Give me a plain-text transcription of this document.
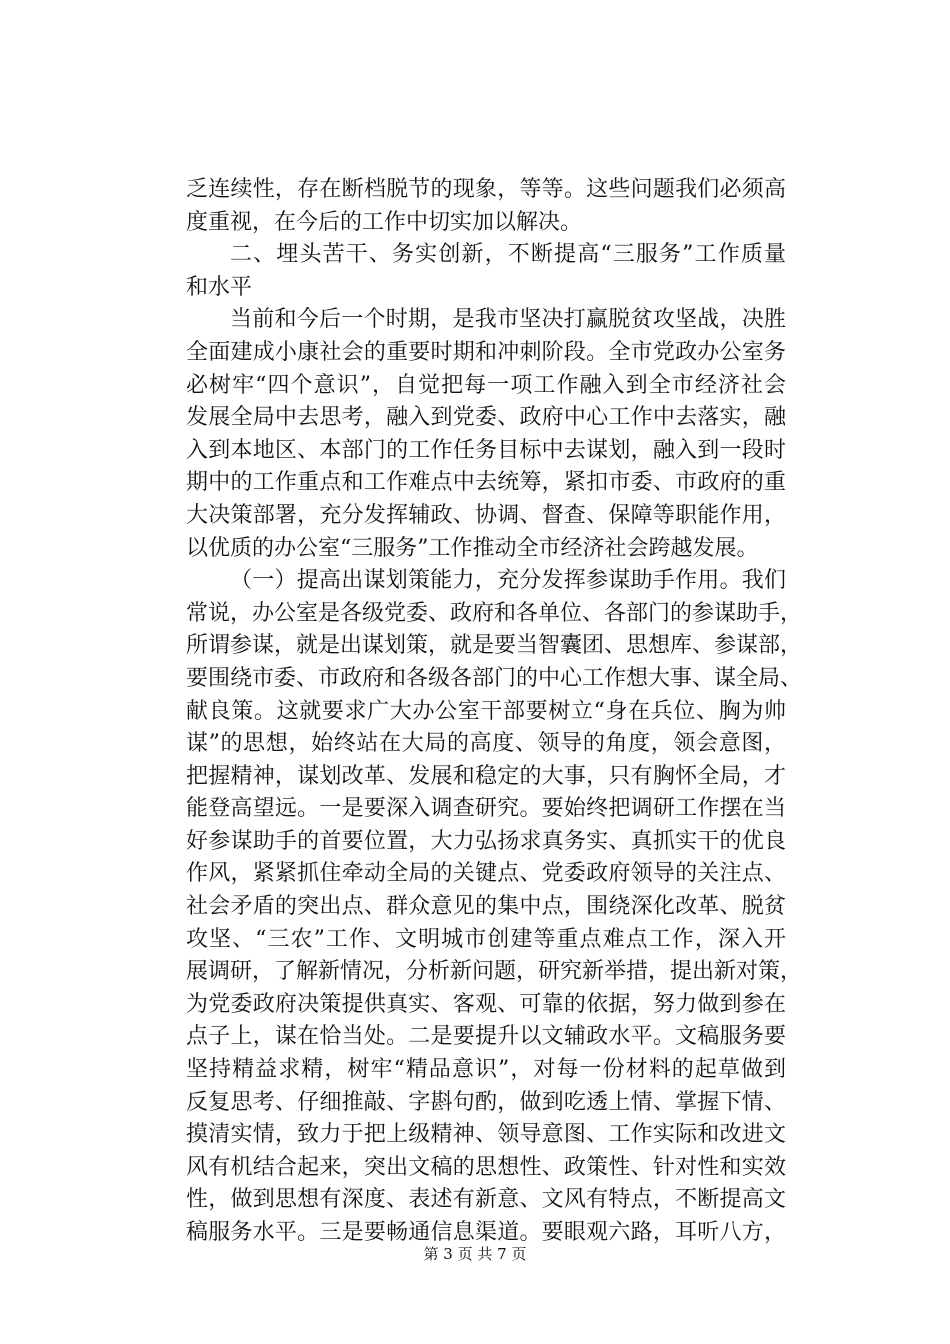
乏连续性，存在断档脱节的现象，等等。这些问题我们必须高
度重视，在今后的工作中切实加以解决。
二、埋头苦干、务实创新，不断提高“三服务”工作质量
和水平
当前和今后一个时期，是我市坚决打赢脱贫攻坚战，决胜
全面建成小康社会的重要时期和冲刺阶段。全市党政办公室务
必树牢“四个意识”，自觉把每一项工作融入到全市经济社会
发展全局中去思考，融入到党委、政府中心工作中去落实，融
入到本地区、本部门的工作任务目标中去谋划，融入到一段时
期中的工作重点和工作难点中去统筹，紧扣市委、市政府的重
大决策部署，充分发挥辅政、协调、督查、保障等职能作用，
以优质的办公室“三服务”工作推动全市经济社会跨越发展。
（一）提高出谋划策能力，充分发挥参谋助手作用。我们
常说，办公室是各级党委、政府和各单位、各部门的参谋助手，
所谓参谋，就是出谋划策，就是要当智囊团、思想库、参谋部，
要围绕市委、市政府和各级各部门的中心工作想大事、谋全局、
献良策。这就要求广大办公室干部要树立“身在兵位、胸为帅
谋”的思想，始终站在大局的高度、领导的角度，领会意图，
把握精神，谋划改革、发展和稳定的大事，只有胸怀全局，才
能登高望远。一是要深入调查研究。要始终把调研工作摆在当
好参谋助手的首要位置，大力弘扬求真务实、真抓实干的优良
作风，紧紧抓住牵动全局的关键点、党委政府领导的关注点、
社会矛盾的突出点、群众意见的集中点，围绕深化改革、脱贫
攻坚、“三农”工作、文明城市创建等重点难点工作，深入开
展调研，了解新情况，分析新问题，研究新举措，提出新对策，
为党委政府决策提供真实、客观、可靠的依据，努力做到参在
点子上，谋在恰当处。二是要提升以文辅政水平。文稿服务要
坚持精益求精，树牢“精品意识”，对每一份材料的起草做到
反复思考、仔细推敲、字斟句酌，做到吃透上情、掌握下情、
摸清实情，致力于把上级精神、领导意图、工作实际和改进文
风有机结合起来，突出文稿的思想性、政策性、针对性和实效
性，做到思想有深度、表述有新意、文风有特点，不断提高文
稿服务水平。三是要畅通信息渠道。要眼观六路，耳听八方，
第 3 页 共 7 页
